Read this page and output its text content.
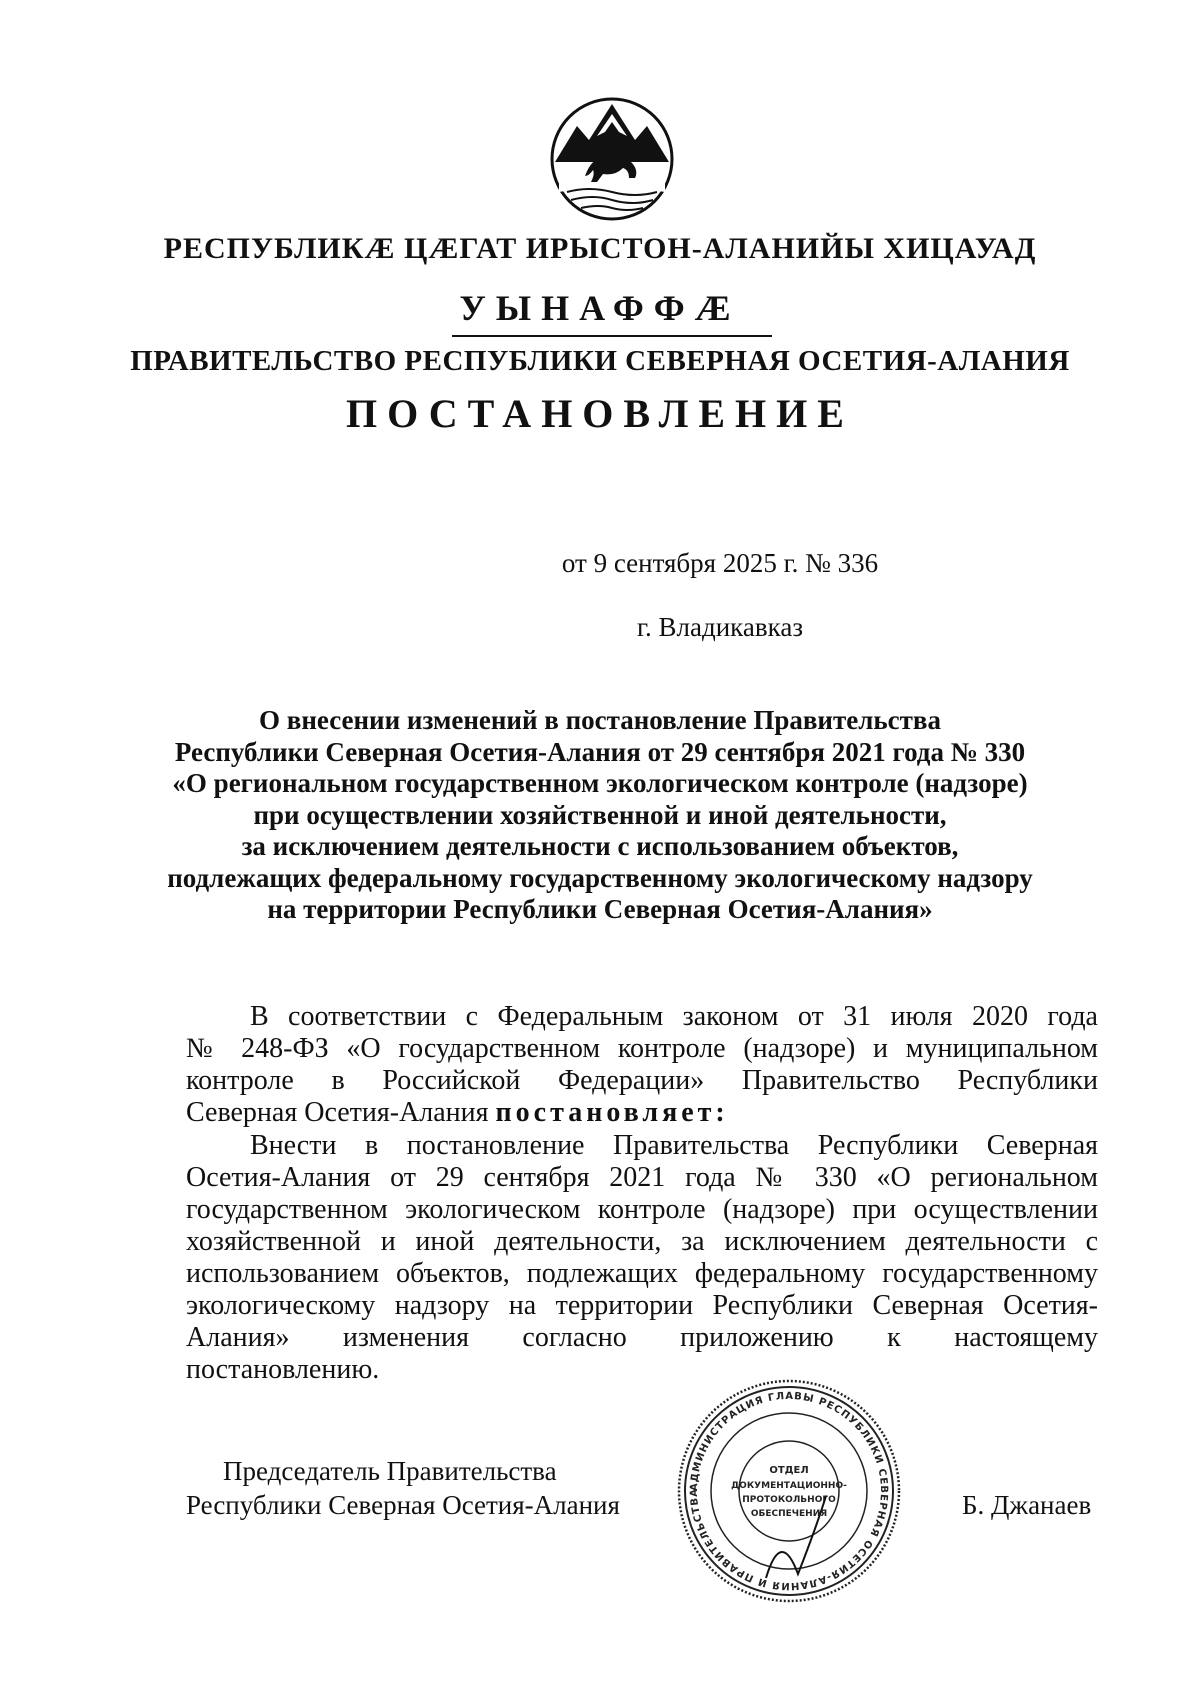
РЕСПУБЛИКӔ ЦӔГАТ ИРЫСТОН-АЛАНИЙЫ ХИЦАУАД
УЫНАФФӔ
ПРАВИТЕЛЬСТВО РЕСПУБЛИКИ СЕВЕРНАЯ ОСЕТИЯ-АЛАНИЯ
ПОСТАНОВЛЕНИЕ
от 9 сентября 2025 г. № 336
г. Владикавказ
О внесении изменений в постановление Правительства
Республики Северная Осетия-Алания от 29 сентября 2021 года № 330
«О региональном государственном экологическом контроле (надзоре)
при осуществлении хозяйственной и иной деятельности,
за исключением деятельности с использованием объектов,
подлежащих федеральному государственному экологическому надзору
на территории Республики Северная Осетия-Алания»
В соответствии с Федеральным законом от 31 июля 2020 года
№ 248-ФЗ «О государственном контроле (надзоре) и муниципальном
контроле в Российской Федерации» Правительство Республики
Северная Осетия-Алания постановляет:
Внести в постановление Правительства Республики Северная
Осетия-Алания от 29 сентября 2021 года № 330 «О региональном
государственном экологическом контроле (надзоре) при осуществлении
хозяйственной и иной деятельности, за исключением деятельности с
использованием объектов, подлежащих федеральному государственному
экологическому надзору на территории Республики Северная Осетия-
Алания» изменения согласно приложению к настоящему
постановлению.
Председатель Правительства
Республики Северная Осетия-Алания	Б. Джанаев
АДМИНИСТРАЦИЯ ГЛАВЫ РЕСПУБЛИКИ СЕВЕРНАЯ ОСЕТИЯ-АЛАНИЯ И ПРАВИТЕЛЬСТВА
ОТДЕЛ
ДОКУМЕНТАЦИОННО-
ПРОТОКОЛЬНОГО
ОБЕСПЕЧЕНИЯ
